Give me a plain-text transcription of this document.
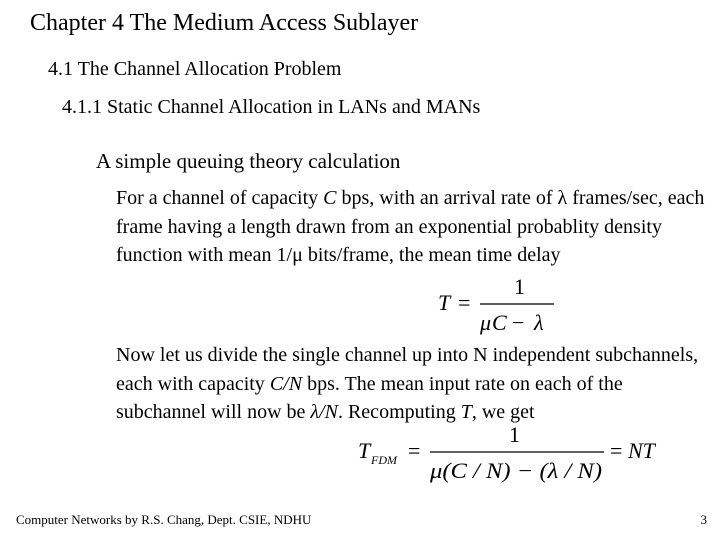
Chapter 4 The Medium Access Sublayer
4.1 The Channel Allocation Problem
4.1.1 Static Channel Allocation in LANs and MANs
A simple queuing theory calculation
For a channel of capacity C bps, with an arrival rate of λ frames/sec, each frame having a length drawn from an exponential probablity density function with mean 1/μ bits/frame, the mean time delay
T =
1
μ C − λ
Now let us divide the single channel up into N independent subchannels, each with capacity C/N bps. The mean input rate on each of the subchannel will now be λ/N. Recomputing T, we get
T FDM =
1
μ(C / N) − (λ / N)
= NT
Computer Networks by R.S. Chang, Dept. CSIE, NDHU	3
